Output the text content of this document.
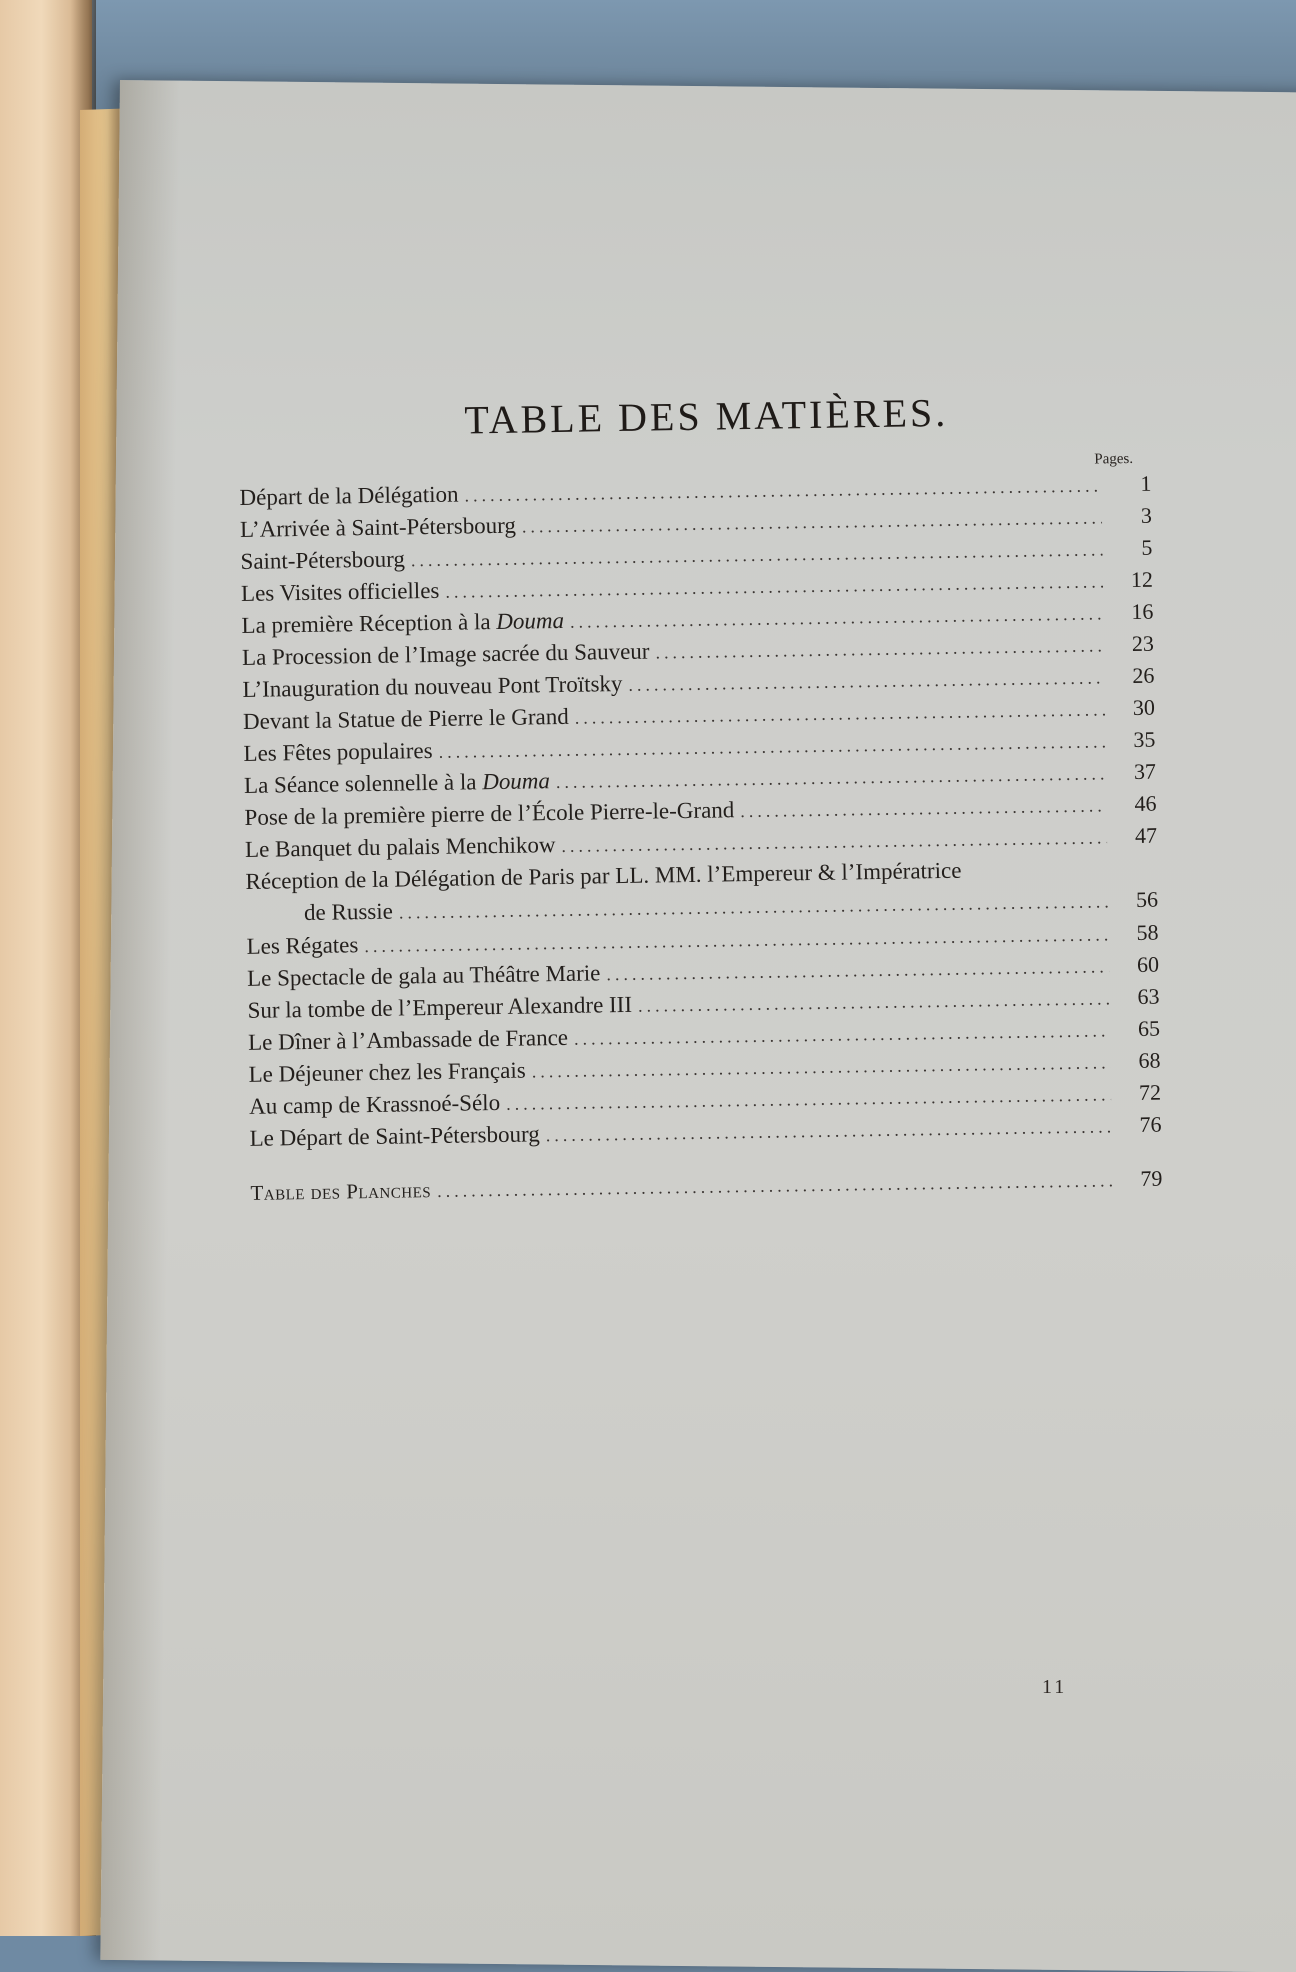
TABLE DES MATIÈRES.
Pages.
Départ de la Délégation .....	1
L’Arrivée à Saint-Pétersbourg .....	3
Saint-Pétersbourg .....	5
Les Visites officielles .....	12
La première Réception à la Douma .....	16
La Procession de l’Image sacrée du Sauveur .....	23
L’Inauguration du nouveau Pont Troïtsky .....	26
Devant la Statue de Pierre le Grand .....	30
Les Fêtes populaires .....	35
La Séance solennelle à la Douma .....	37
Pose de la première pierre de l’École Pierre-le-Grand .....	46
Le Banquet du palais Menchikow .....	47
Réception de la Délégation de Paris par LL. MM. l’Empereur & l’Impératrice
de Russie .....	56
Les Régates .....	58
Le Spectacle de gala au Théâtre Marie .....	60
Sur la tombe de l’Empereur Alexandre III .....	63
Le Dîner à l’Ambassade de France .....	65
Le Déjeuner chez les Français .....	68
Au camp de Krassnoé-Sélo .....	72
Le Départ de Saint-Pétersbourg .....	76
Table des Planches .....	79
11
